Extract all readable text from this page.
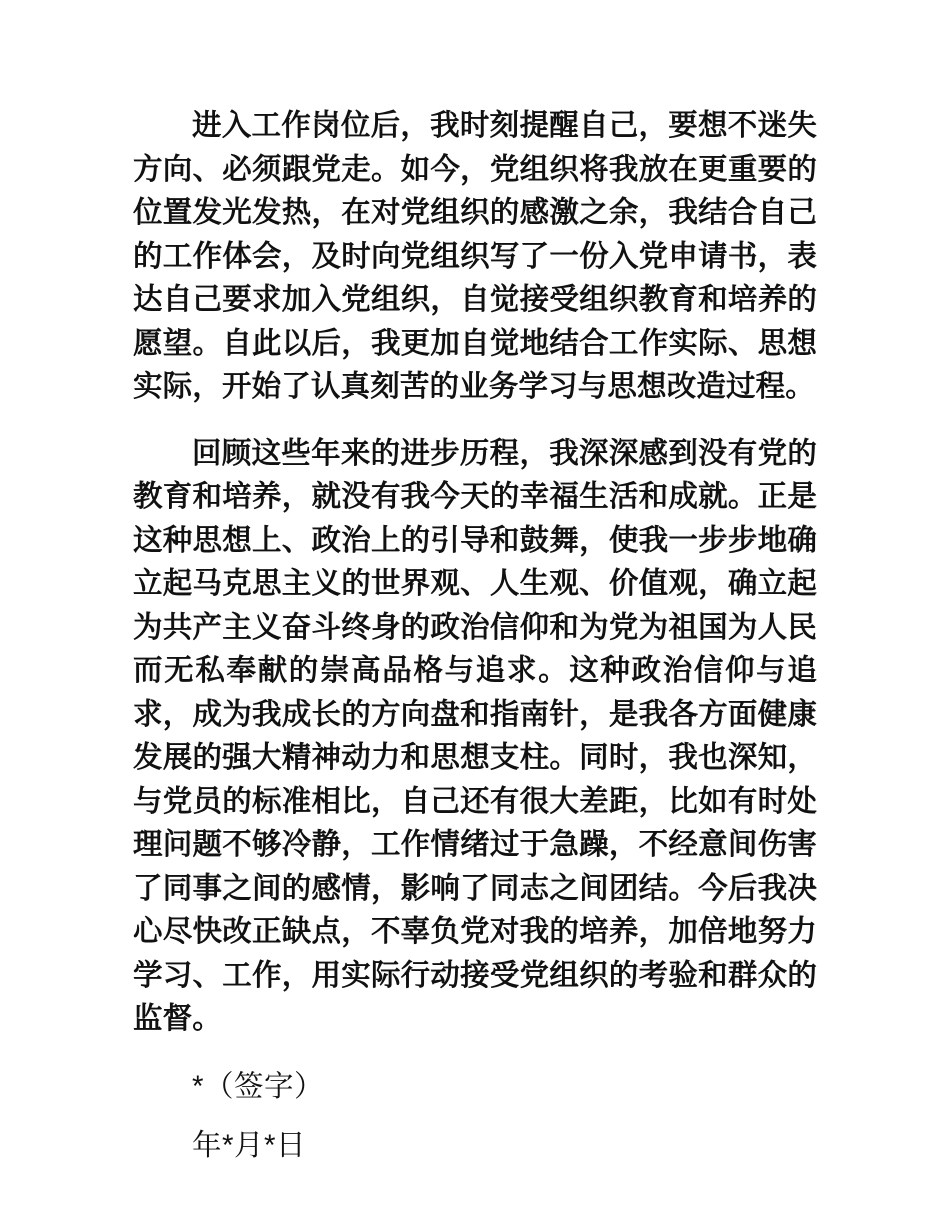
进入工作岗位后，我时刻提醒自己，要想不迷失方向、必须跟党走。如今，党组织将我放在更重要的位置发光发热，在对党组织的感激之余，我结合自己的工作体会，及时向党组织写了一份入党申请书，表达自己要求加入党组织，自觉接受组织教育和培养的愿望。自此以后，我更加自觉地结合工作实际、思想实际，开始了认真刻苦的业务学习与思想改造过程。

回顾这些年来的进步历程，我深深感到没有党的教育和培养，就没有我今天的幸福生活和成就。正是这种思想上、政治上的引导和鼓舞，使我一步步地确立起马克思主义的世界观、人生观、价值观，确立起为共产主义奋斗终身的政治信仰和为党为祖国为人民而无私奉献的崇高品格与追求。这种政治信仰与追求，成为我成长的方向盘和指南针，是我各方面健康发展的强大精神动力和思想支柱。同时，我也深知，与党员的标准相比，自己还有很大差距，比如有时处理问题不够冷静，工作情绪过于急躁，不经意间伤害了同事之间的感情，影响了同志之间团结。今后我决心尽快改正缺点，不辜负党对我的培养，加倍地努力学习、工作，用实际行动接受党组织的考验和群众的监督。

*（签字）

年*月*日
